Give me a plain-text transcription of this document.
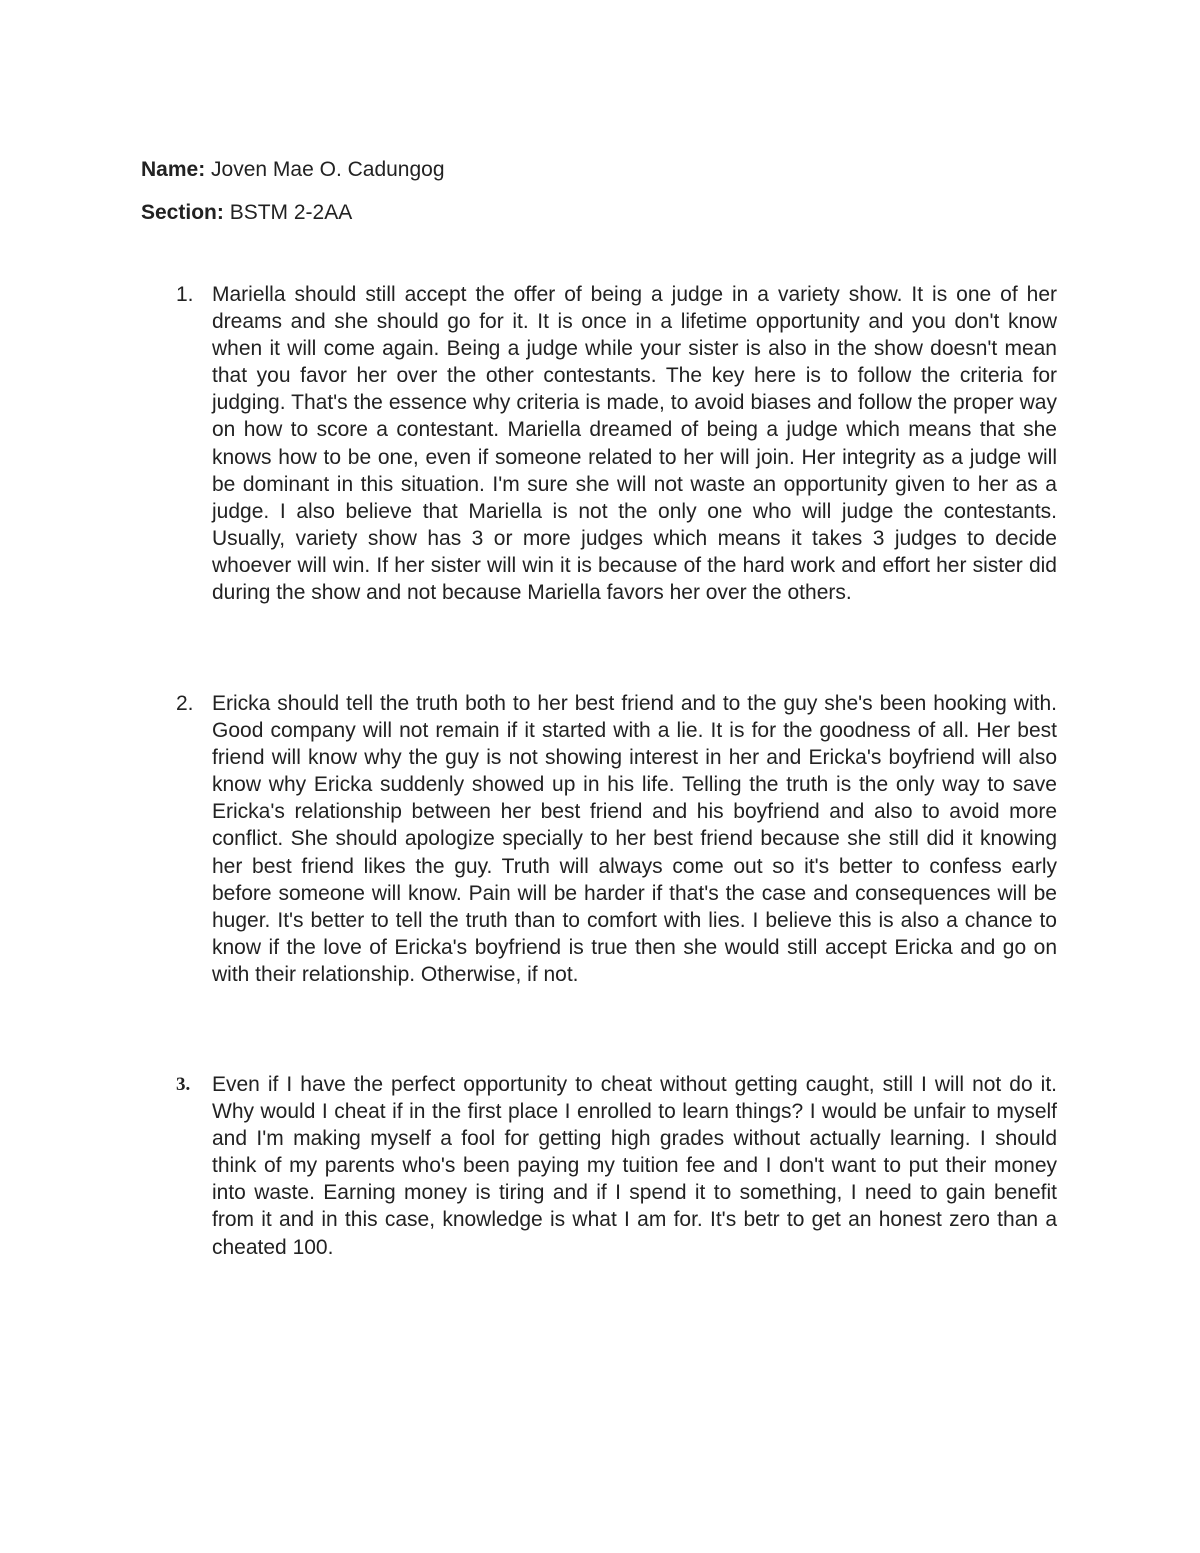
Name: Joven Mae O. Cadungog
Section: BSTM 2-2AA
1. Mariella should still accept the offer of being a judge in a variety show. It is one of her dreams and she should go for it. It is once in a lifetime opportunity and you don't know when it will come again. Being a judge while your sister is also in the show doesn't mean that you favor her over the other contestants. The key here is to follow the criteria for judging. That's the essence why criteria is made, to avoid biases and follow the proper way on how to score a contestant. Mariella dreamed of being a judge which means that she knows how to be one, even if someone related to her will join. Her integrity as a judge will be dominant in this situation. I'm sure she will not waste an opportunity given to her as a judge. I also believe that Mariella is not the only one who will judge the contestants. Usually, variety show has 3 or more judges which means it takes 3 judges to decide whoever will win. If her sister will win it is because of the hard work and effort her sister did during the show and not because Mariella favors her over the others.
2. Ericka should tell the truth both to her best friend and to the guy she's been hooking with. Good company will not remain if it started with a lie. It is for the goodness of all. Her best friend will know why the guy is not showing interest in her and Ericka's boyfriend will also know why Ericka suddenly showed up in his life. Telling the truth is the only way to save Ericka's relationship between her best friend and his boyfriend and also to avoid more conflict. She should apologize specially to her best friend because she still did it knowing her best friend likes the guy. Truth will always come out so it's better to confess early before someone will know. Pain will be harder if that's the case and consequences will be huger. It's better to tell the truth than to comfort with lies. I believe this is also a chance to know if the love of Ericka's boyfriend is true then she would still accept Ericka and go on with their relationship. Otherwise, if not.
3. Even if I have the perfect opportunity to cheat without getting caught, still I will not do it. Why would I cheat if in the first place I enrolled to learn things? I would be unfair to myself and I'm making myself a fool for getting high grades without actually learning. I should think of my parents who's been paying my tuition fee and I don't want to put their money into waste. Earning money is tiring and if I spend it to something, I need to gain benefit from it and in this case, knowledge is what I am for. It's betr to get an honest zero than a cheated 100.
